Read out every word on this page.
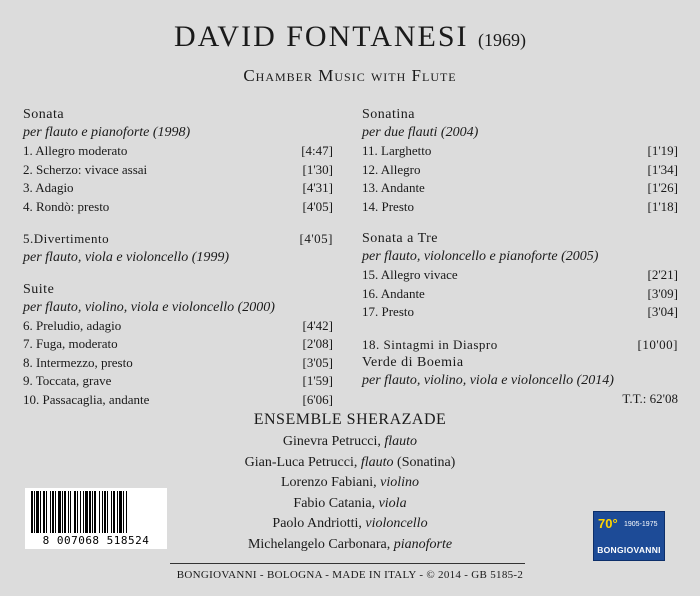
DAVID FONTANESI (1969)
Chamber Music with Flute
Sonata
per flauto e pianoforte (1998)
1. Allegro moderato	[4:47]
2. Scherzo: vivace assai	[1'30]
3. Adagio	[4'31]
4. Rondò: presto	[4'05]
5.Divertimento	[4'05]
per flauto, viola e violoncello (1999)
Suite
per flauto, violino, viola e violoncello (2000)
6. Preludio, adagio	[4'42]
7. Fuga, moderato	[2'08]
8. Intermezzo, presto	[3'05]
9. Toccata, grave	[1'59]
10. Passacaglia, andante	[6'06]
Sonatina
per due flauti (2004)
11. Larghetto	[1'19]
12. Allegro	[1'34]
13. Andante	[1'26]
14. Presto	[1'18]
Sonata a Tre
per flauto, violoncello e pianoforte (2005)
15. Allegro vivace	[2'21]
16. Andante	[3'09]
17. Presto	[3'04]
18. Sintagmi in Diaspro	[10'00]
Verde di Boemia
per flauto, violino, viola e violoncello (2014)
T.T.: 62'08
ENSEMBLE SHERAZADE
Ginevra Petrucci, flauto
Gian-Luca Petrucci, flauto (Sonatina)
Lorenzo Fabiani, violino
Fabio Catania, viola
Paolo Andriotti, violoncello
Michelangelo Carbonara, pianoforte
8 007068 518524
70° 1905-1975
BONGIOVANNI
BONGIOVANNI - BOLOGNA - MADE IN ITALY - © 2014 - GB 5185-2
